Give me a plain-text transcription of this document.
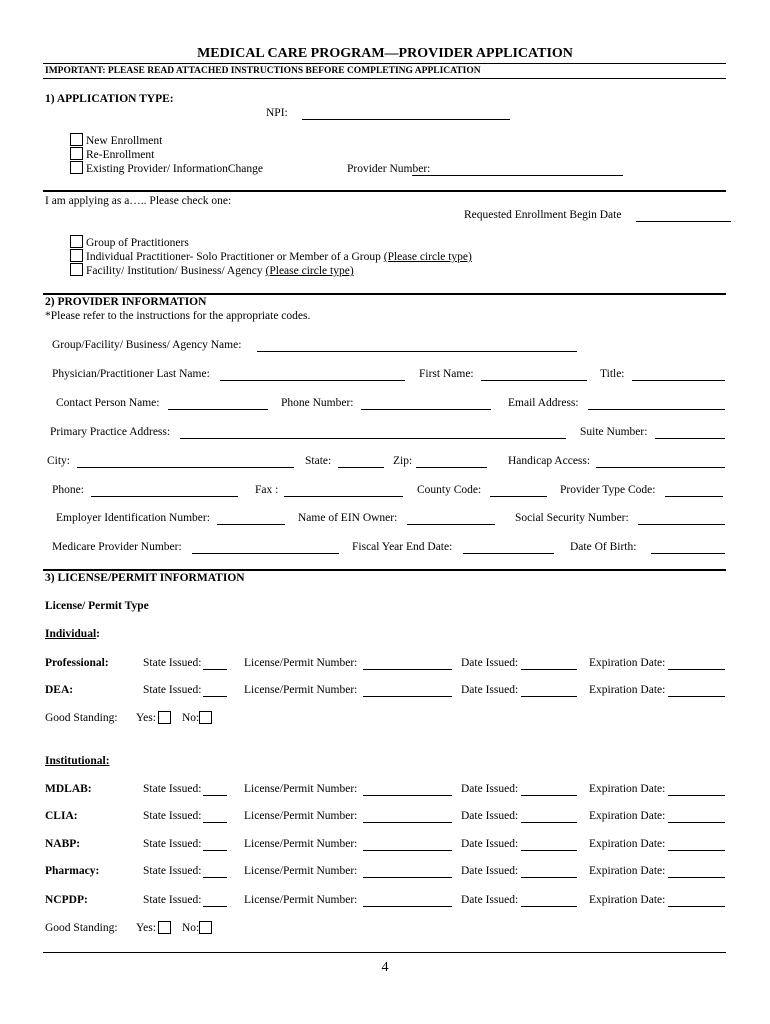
MEDICAL CARE PROGRAM—PROVIDER APPLICATION
IMPORTANT: PLEASE READ ATTACHED INSTRUCTIONS BEFORE COMPLETING APPLICATION
1) APPLICATION TYPE:
NPI:
New Enrollment
Re-Enrollment
Existing Provider/ InformationChange	Provider Number:
I am applying as a….. Please check one:
Requested Enrollment Begin Date
Group of Practitioners
Individual Practitioner- Solo Practitioner or Member of a Group (Please circle type)
Facility/ Institution/ Business/ Agency (Please circle type)
2) PROVIDER INFORMATION
*Please refer to the instructions for the appropriate codes.
Group/Facility/ Business/ Agency Name:
Physician/Practitioner Last Name:	First Name:	Title:
Contact Person Name:	Phone Number:	Email Address:
Primary Practice Address:	Suite Number:
City:	State:	Zip:	Handicap Access:
Phone:	Fax :	County Code:	Provider Type Code:
Employer Identification Number:	Name of EIN Owner:	Social Security Number:
Medicare Provider Number:	Fiscal Year End Date:	Date Of Birth:
3) LICENSE/PERMIT INFORMATION
License/ Permit Type
Individual:
Professional:	State Issued:	License/Permit Number:	Date Issued:	Expiration Date:
DEA:	State Issued:	License/Permit Number:	Date Issued:	Expiration Date:
Good Standing: Yes: No:
Institutional:
MDLAB:	State Issued:	License/Permit Number:	Date Issued:	Expiration Date:
CLIA:	State Issued:	License/Permit Number:	Date Issued:	Expiration Date:
NABP:	State Issued:	License/Permit Number:	Date Issued:	Expiration Date:
Pharmacy:	State Issued:	License/Permit Number:	Date Issued:	Expiration Date:
NCPDP:	State Issued:	License/Permit Number:	Date Issued:	Expiration Date:
Good Standing: Yes: No:
4
